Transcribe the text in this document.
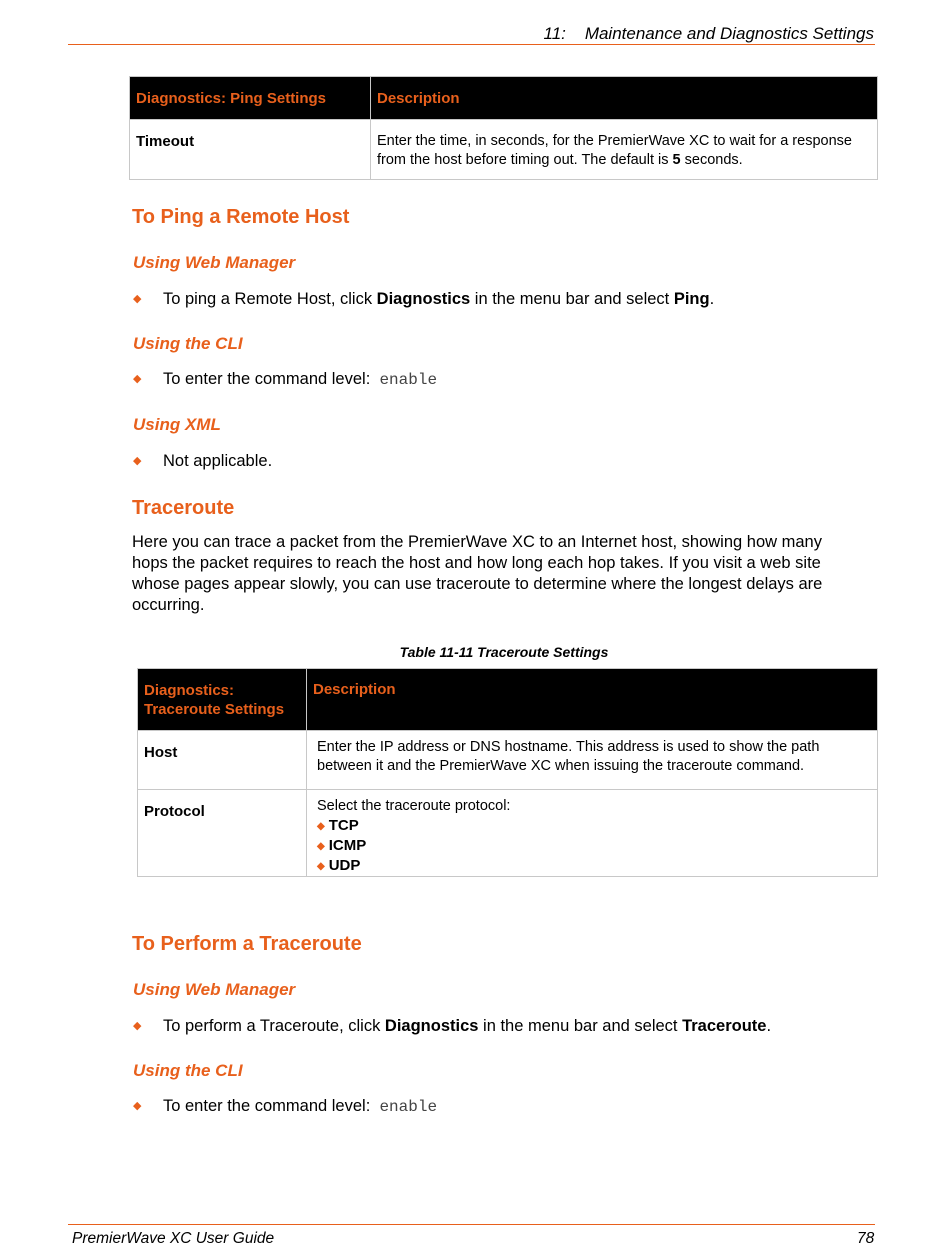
11: Maintenance and Diagnostics Settings
Diagnostics: Ping Settings	Description
Timeout	Enter the time, in seconds, for the PremierWave XC to wait for a response from the host before timing out. The default is 5 seconds.
To Ping a Remote Host
Using Web Manager
◆ To ping a Remote Host, click Diagnostics in the menu bar and select Ping.
Using the CLI
◆ To enter the command level: enable
Using XML
◆ Not applicable.
Traceroute
Here you can trace a packet from the PremierWave XC to an Internet host, showing how many hops the packet requires to reach the host and how long each hop takes. If you visit a web site whose pages appear slowly, you can use traceroute to determine where the longest delays are occurring.
Table 11-11 Traceroute Settings
Diagnostics:
Traceroute Settings	Description
Host	Enter the IP address or DNS hostname. This address is used to show the path between it and the PremierWave XC when issuing the traceroute command.
Protocol	Select the traceroute protocol:
◆ TCP
◆ ICMP
◆ UDP
To Perform a Traceroute
Using Web Manager
◆ To perform a Traceroute, click Diagnostics in the menu bar and select Traceroute.
Using the CLI
◆ To enter the command level: enable
PremierWave XC User Guide	78
